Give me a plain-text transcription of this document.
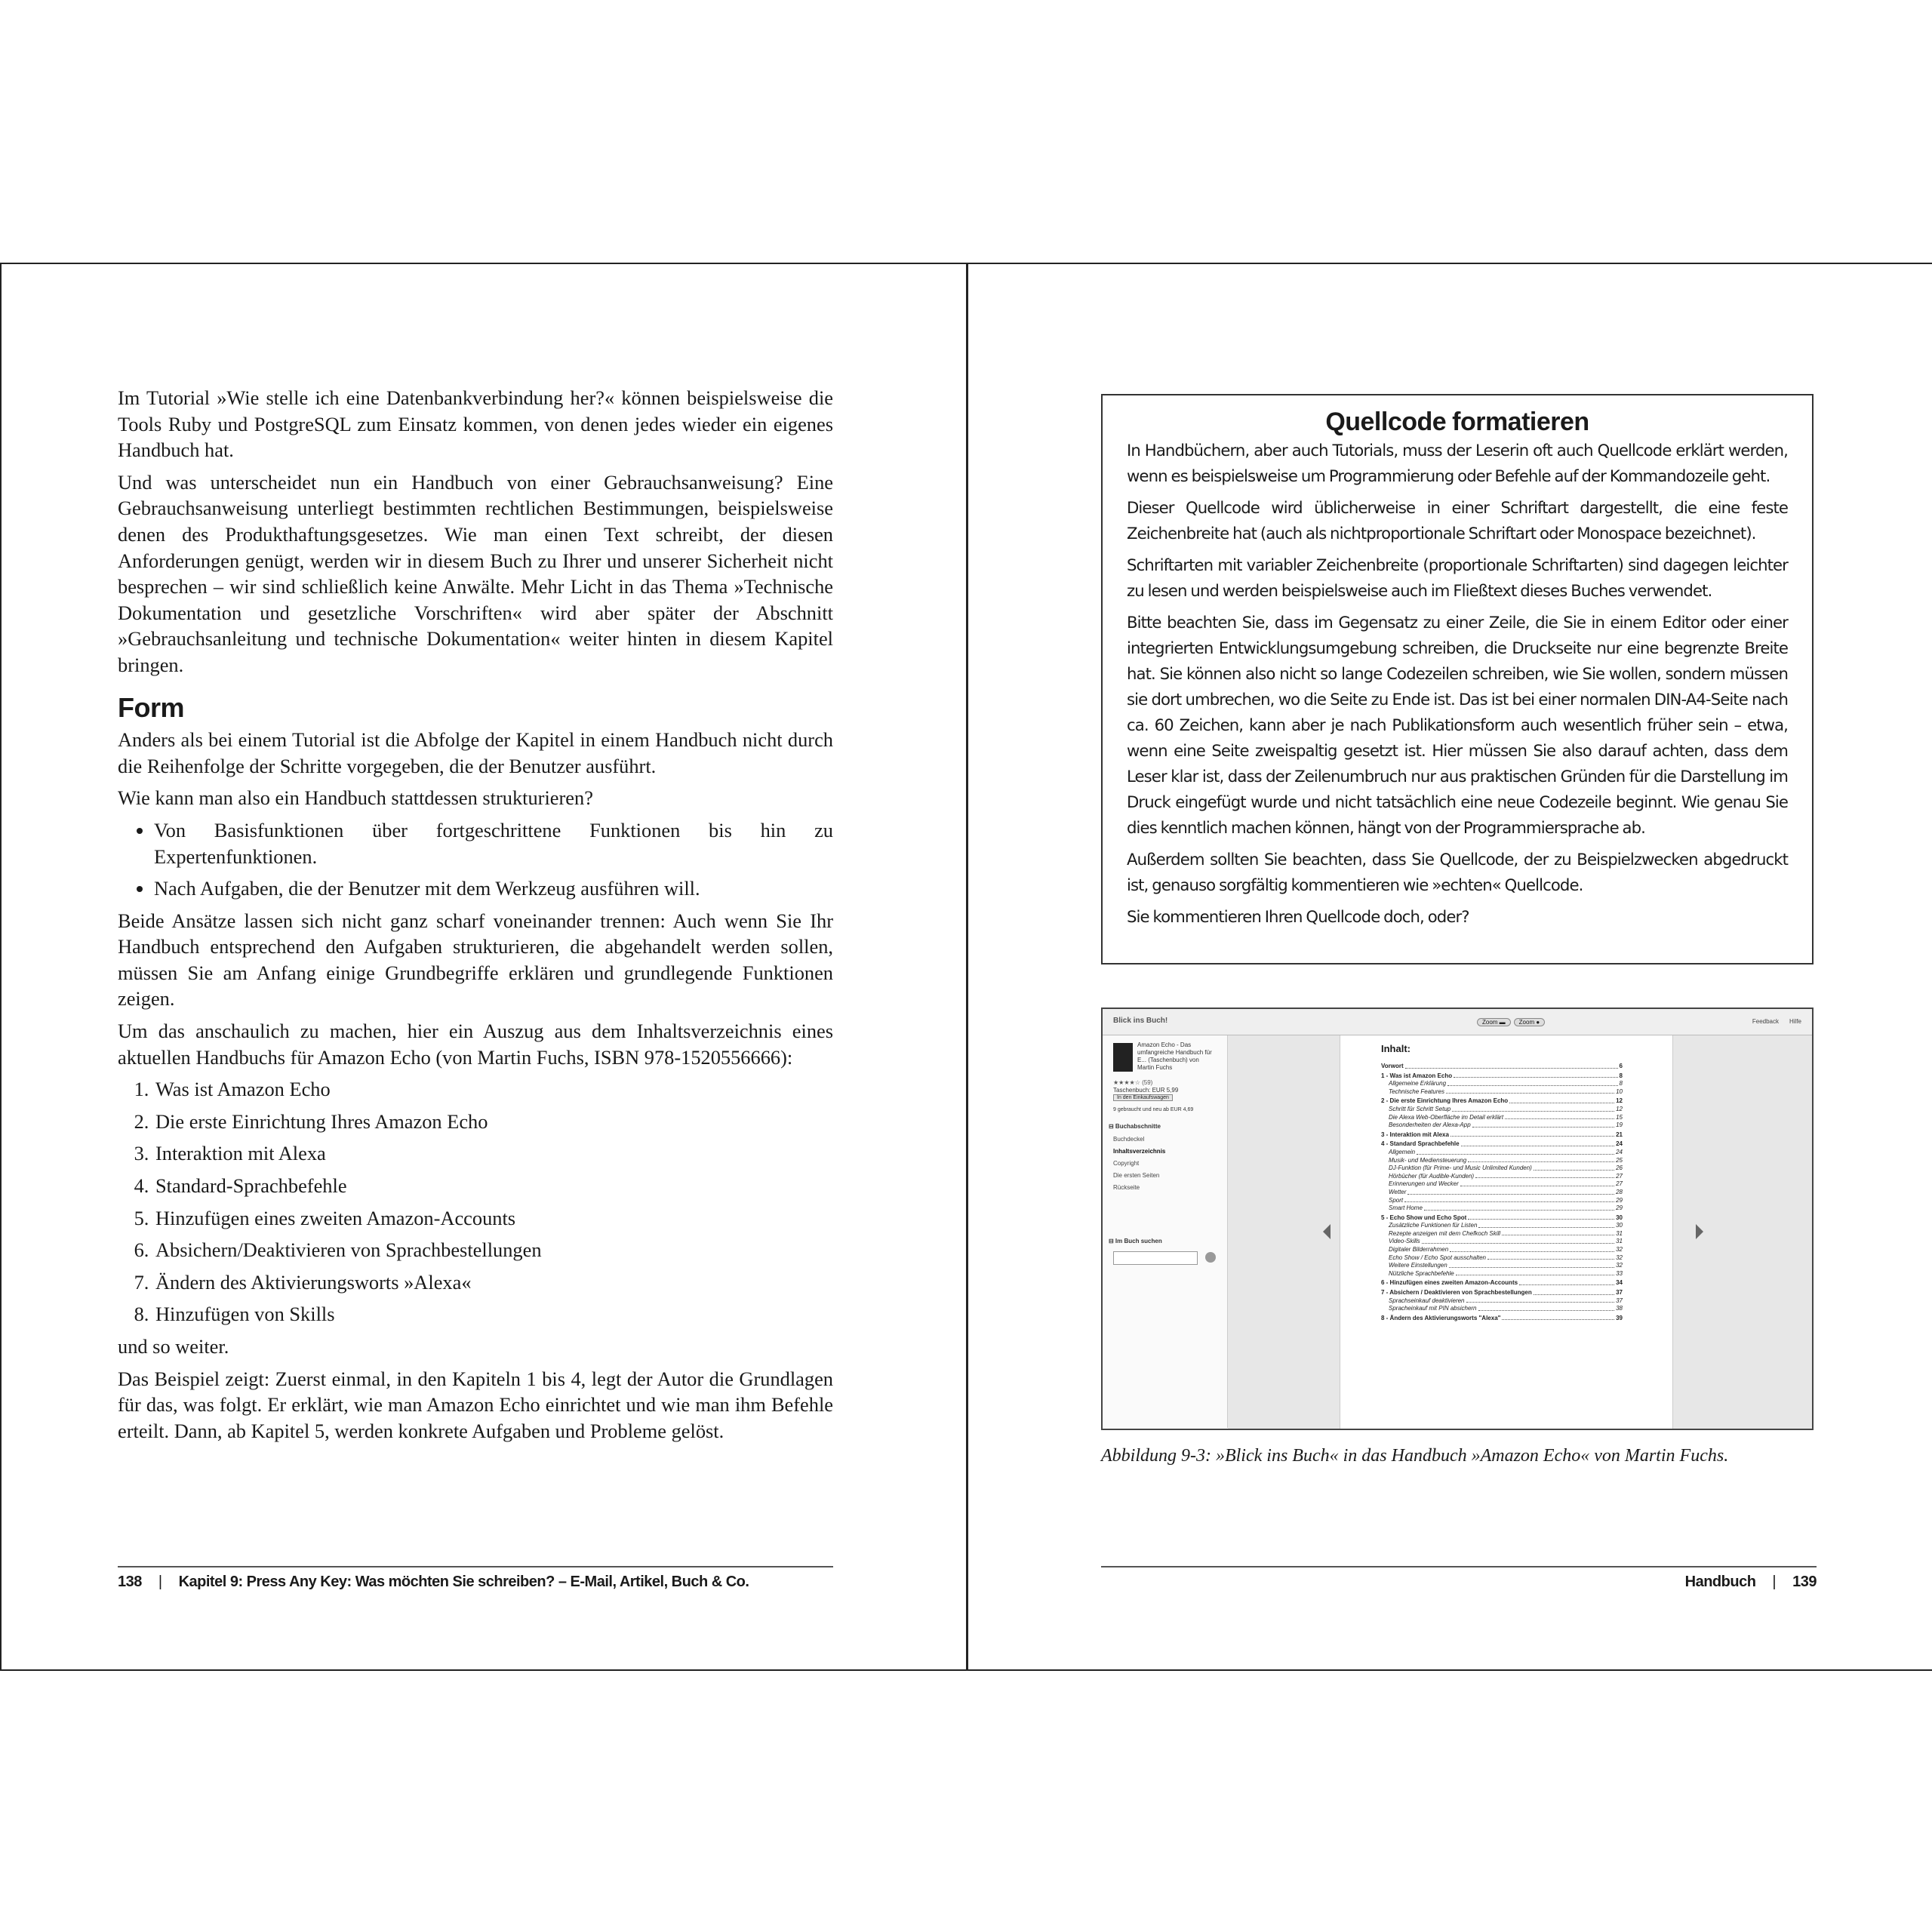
Im Tutorial »Wie stelle ich eine Datenbankverbindung her?« können beispielsweise die Tools Ruby und PostgreSQL zum Einsatz kommen, von denen jedes wieder ein eigenes Handbuch hat.

Und was unterscheidet nun ein Handbuch von einer Gebrauchsanweisung? Eine Gebrauchsanweisung unterliegt bestimmten rechtlichen Bestimmungen, beispielsweise denen des Produkthaftungsgesetzes. Wie man einen Text schreibt, der diesen Anforderungen genügt, werden wir in diesem Buch zu Ihrer und unserer Sicherheit nicht besprechen – wir sind schließlich keine Anwälte. Mehr Licht in das Thema »Technische Dokumentation und gesetzliche Vorschriften« wird aber später der Abschnitt »Gebrauchsanleitung und technische Dokumentation« weiter hinten in diesem Kapitel bringen.

Form

Anders als bei einem Tutorial ist die Abfolge der Kapitel in einem Handbuch nicht durch die Reihenfolge der Schritte vorgegeben, die der Benutzer ausführt.

Wie kann man also ein Handbuch stattdessen strukturieren?

• Von Basisfunktionen über fortgeschrittene Funktionen bis hin zu Expertenfunktionen.
• Nach Aufgaben, die der Benutzer mit dem Werkzeug ausführen will.

Beide Ansätze lassen sich nicht ganz scharf voneinander trennen: Auch wenn Sie Ihr Handbuch entsprechend den Aufgaben strukturieren, die abgehandelt werden sollen, müssen Sie am Anfang einige Grundbegriffe erklären und grundlegende Funktionen zeigen.

Um das anschaulich zu machen, hier ein Auszug aus dem Inhaltsverzeichnis eines aktuellen Handbuchs für Amazon Echo (von Martin Fuchs, ISBN 978-1520556666):

1. Was ist Amazon Echo
2. Die erste Einrichtung Ihres Amazon Echo
3. Interaktion mit Alexa
4. Standard-Sprachbefehle
5. Hinzufügen eines zweiten Amazon-Accounts
6. Absichern/Deaktivieren von Sprachbestellungen
7. Ändern des Aktivierungsworts »Alexa«
8. Hinzufügen von Skills

und so weiter.

Das Beispiel zeigt: Zuerst einmal, in den Kapiteln 1 bis 4, legt der Autor die Grundlagen für das, was folgt. Er erklärt, wie man Amazon Echo einrichtet und wie man ihm Befehle erteilt. Dann, ab Kapitel 5, werden konkrete Aufgaben und Probleme gelöst.

138 | Kapitel 9: Press Any Key: Was möchten Sie schreiben? – E-Mail, Artikel, Buch & Co.
Quellcode formatieren

In Handbüchern, aber auch Tutorials, muss der Leserin oft auch Quellcode erklärt werden, wenn es beispielsweise um Programmierung oder Befehle auf der Kommandozeile geht.

Dieser Quellcode wird üblicherweise in einer Schriftart dargestellt, die eine feste Zeichenbreite hat (auch als nichtproportionale Schriftart oder Monospace bezeichnet).

Schriftarten mit variabler Zeichenbreite (proportionale Schriftarten) sind dagegen leichter zu lesen und werden beispielsweise auch im Fließtext dieses Buches verwendet.

Bitte beachten Sie, dass im Gegensatz zu einer Zeile, die Sie in einem Editor oder einer integrierten Entwicklungsumgebung schreiben, die Druckseite nur eine begrenzte Breite hat. Sie können also nicht so lange Codezeilen schreiben, wie Sie wollen, sondern müssen sie dort umbrechen, wo die Seite zu Ende ist. Das ist bei einer normalen DIN-A4-Seite nach ca. 60 Zeichen, kann aber je nach Publikationsform auch wesentlich früher sein – etwa, wenn eine Seite zweispaltig gesetzt ist. Hier müssen Sie also darauf achten, dass dem Leser klar ist, dass der Zeilenumbruch nur aus praktischen Gründen für die Darstellung im Druck eingefügt wurde und nicht tatsächlich eine neue Codezeile beginnt. Wie genau Sie dies kenntlich machen können, hängt von der Programmiersprache ab.

Außerdem sollten Sie beachten, dass Sie Quellcode, der zu Beispielzwecken abgedruckt ist, genauso sorgfältig kommentieren wie »echten« Quellcode.

Sie kommentieren Ihren Quellcode doch, oder?

Blick ins Buch!	Zoom ▬	Zoom ●	Feedback Hilfe
Amazon Echo - Das umfangreiche Handbuch für E... (Taschenbuch) von Martin Fuchs
★★★★☆ (59)
Taschenbuch: EUR 5,99
In den Einkaufswagen
9 gebraucht und neu ab EUR 4,69
⊟ Buchabschnitte
Buchdeckel
Inhaltsverzeichnis
Copyright
Die ersten Seiten
Rückseite
⊟ Im Buch suchen
Inhalt:
Vorwort	6
1 - Was ist Amazon Echo	8
Allgemeine Erklärung	8
Technische Features	10
2 - Die erste Einrichtung Ihres Amazon Echo	12
Schritt für Schritt Setup	12
Die Alexa Web-Oberfläche im Detail erklärt	15
Besonderheiten der Alexa-App	19
3 - Interaktion mit Alexa	21
4 - Standard Sprachbefehle	24
Allgemein	24
Musik- und Mediensteuerung	25
DJ-Funktion (für Prime- und Music Unlimited Kunden)	26
Hörbücher (für Audible-Kunden)	27
Erinnerungen und Wecker	27
Wetter	28
Sport	29
Smart Home	29
5 - Echo Show und Echo Spot	30
Zusätzliche Funktionen für Listen	30
Rezepte anzeigen mit dem Chefkoch Skill	31
Video-Skills	31
Digitaler Bilderrahmen	32
Echo Show / Echo Spot ausschalten	32
Weitere Einstellungen	32
Nützliche Sprachbefehle	33
6 - Hinzufügen eines zweiten Amazon-Accounts	34
7 - Absichern / Deaktivieren von Sprachbestellungen	37
Sprachseinkauf deaktivieren	37
Spracheinkauf mit PIN absichern	38
8 - Ändern des Aktivierungsworts "Alexa"	39
Abbildung 9-3: »Blick ins Buch« in das Handbuch »Amazon Echo« von Martin Fuchs.
Handbuch | 139
